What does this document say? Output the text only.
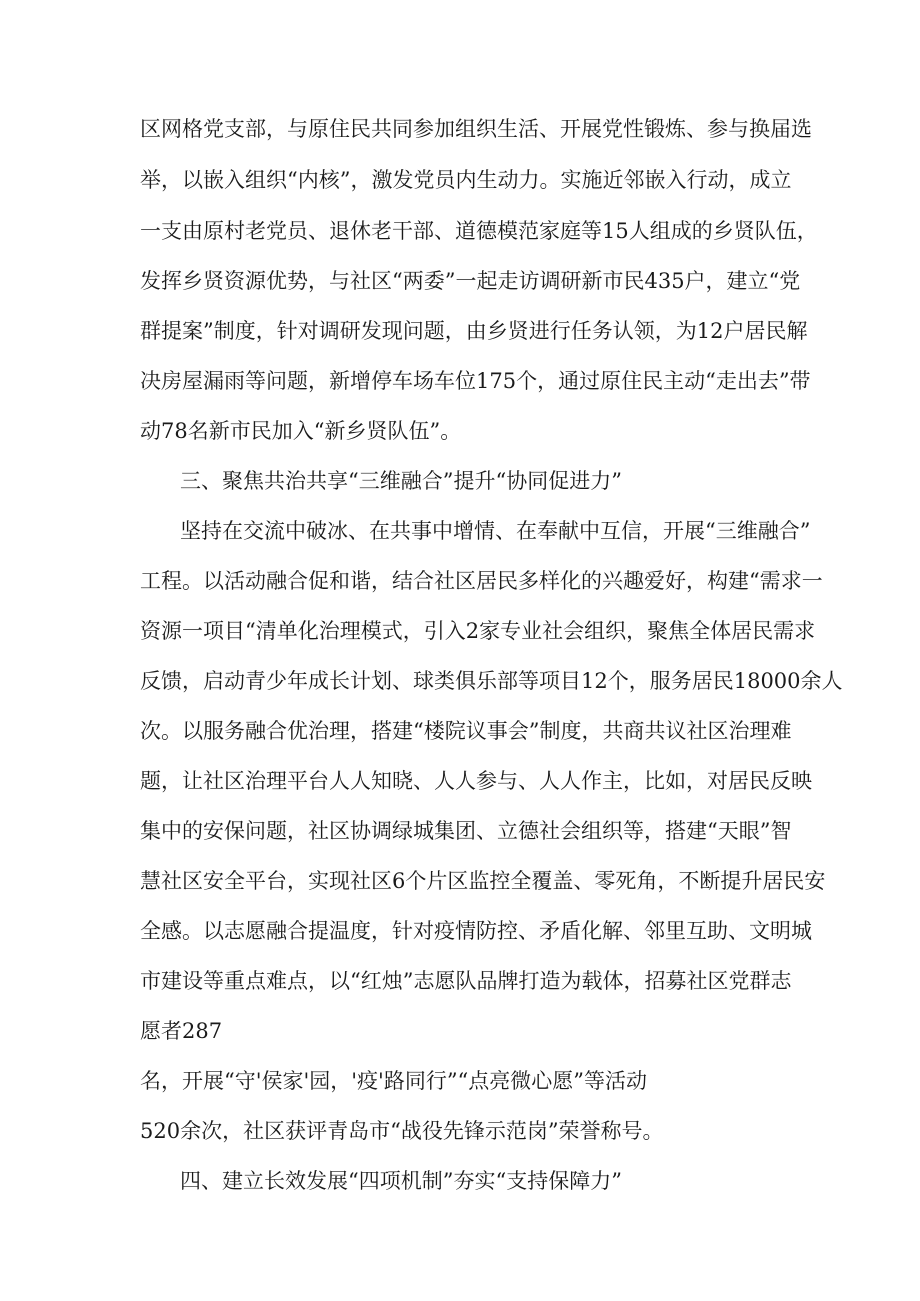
区网格党支部，与原住民共同参加组织生活、开展党性锻炼、参与换届选
举，以嵌入组织“内核”，激发党员内生动力。实施近邻嵌入行动，成立
一支由原村老党员、退休老干部、道德模范家庭等15人组成的乡贤队伍，
发挥乡贤资源优势，与社区“两委”一起走访调研新市民435户，建立“党
群提案”制度，针对调研发现问题，由乡贤进行任务认领，为12户居民解
决房屋漏雨等问题，新增停车场车位175个，通过原住民主动“走出去”带
动78名新市民加入“新乡贤队伍”。
三、聚焦共治共享“三维融合”提升“协同促进力”
坚持在交流中破冰、在共事中增情、在奉献中互信，开展“三维融合”
工程。以活动融合促和谐，结合社区居民多样化的兴趣爱好，构建“需求一
资源一项目“清单化治理模式，引入2家专业社会组织，聚焦全体居民需求
反馈，启动青少年成长计划、球类俱乐部等项目12个，服务居民18000余人
次。以服务融合优治理，搭建“楼院议事会”制度，共商共议社区治理难
题，让社区治理平台人人知晓、人人参与、人人作主，比如，对居民反映
集中的安保问题，社区协调绿城集团、立德社会组织等，搭建“天眼”智
慧社区安全平台，实现社区6个片区监控全覆盖、零死角，不断提升居民安
全感。以志愿融合提温度，针对疫情防控、矛盾化解、邻里互助、文明城
市建设等重点难点，以“红烛”志愿队品牌打造为载体，招募社区党群志
愿者287
名，开展“守'侯家'园，'疫'路同行”“点亮微心愿”等活动
520余次，社区获评青岛市“战役先锋示范岗”荣誉称号。
四、建立长效发展“四项机制”夯实“支持保障力”
